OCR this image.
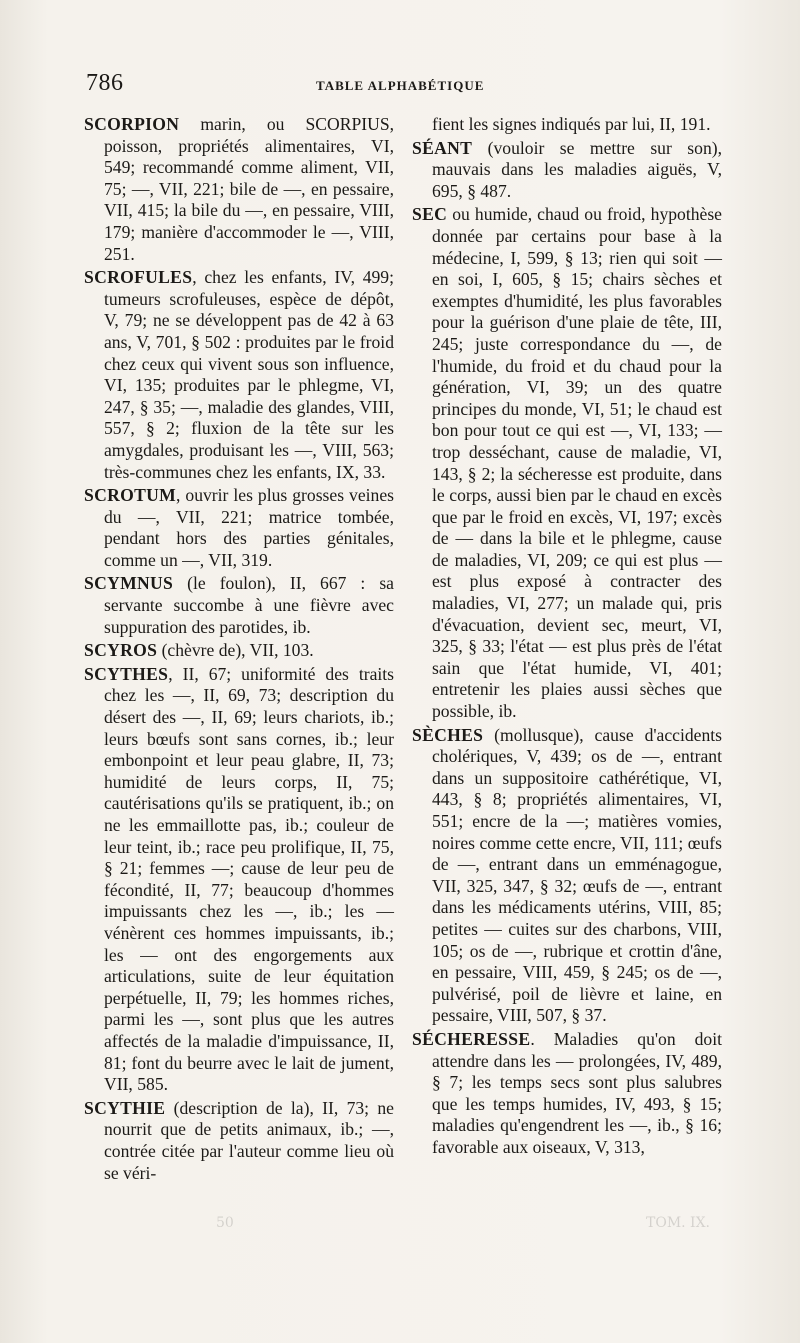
786	TABLE ALPHABÉTIQUE

SCORPION marin, ou SCORPIUS, poisson, propriétés alimentaires, VI, 549; recommandé comme aliment, VII, 75; —, VII, 221; bile de —, en pessaire, VII, 415; la bile du —, en pessaire, VIII, 179; manière d'accommoder le —, VIII, 251.

SCROFULES, chez les enfants, IV, 499; tumeurs scrofuleuses, espèce de dépôt, V, 79; ne se développent pas de 42 à 63 ans, V, 701, § 502 : produites par le froid chez ceux qui vivent sous son influence, VI, 135; produites par le phlegme, VI, 247, § 35; —, maladie des glandes, VIII, 557, § 2; fluxion de la tête sur les amygdales, produisant les —, VIII, 563; très-communes chez les enfants, IX, 33.

SCROTUM, ouvrir les plus grosses veines du —, VII, 221; matrice tombée, pendant hors des parties génitales, comme un —, VII, 319.

SCYMNUS (le foulon), II, 667 : sa servante succombe à une fièvre avec suppuration des parotides, ib.

SCYROS (chèvre de), VII, 103.

SCYTHES, II, 67; uniformité des traits chez les —, II, 69, 73; description du désert des —, II, 69; leurs chariots, ib.; leurs bœufs sont sans cornes, ib.; leur embonpoint et leur peau glabre, II, 73; humidité de leurs corps, II, 75; cautérisations qu'ils se pratiquent, ib.; on ne les emmaillotte pas, ib.; couleur de leur teint, ib.; race peu prolifique, II, 75, § 21; femmes —; cause de leur peu de fécondité, II, 77; beaucoup d'hommes impuissants chez les —, ib.; les — vénèrent ces hommes impuissants, ib.; les — ont des engorgements aux articulations, suite de leur équitation perpétuelle, II, 79; les hommes riches, parmi les —, sont plus que les autres affectés de la maladie d'impuissance, II, 81; font du beurre avec le lait de jument, VII, 585.

SCYTHIE (description de la), II, 73; ne nourrit que de petits animaux, ib.; —, contrée citée par l'auteur comme lieu où se véri-

fient les signes indiqués par lui, II, 191.

SÉANT (vouloir se mettre sur son), mauvais dans les maladies aiguës, V, 695, § 487.

SEC ou humide, chaud ou froid, hypothèse donnée par certains pour base à la médecine, I, 599, § 13; rien qui soit — en soi, I, 605, § 15; chairs sèches et exemptes d'humidité, les plus favorables pour la guérison d'une plaie de tête, III, 245; juste correspondance du —, de l'humide, du froid et du chaud pour la génération, VI, 39; un des quatre principes du monde, VI, 51; le chaud est bon pour tout ce qui est —, VI, 133; — trop desséchant, cause de maladie, VI, 143, § 2; la sécheresse est produite, dans le corps, aussi bien par le chaud en excès que par le froid en excès, VI, 197; excès de — dans la bile et le phlegme, cause de maladies, VI, 209; ce qui est plus — est plus exposé à contracter des maladies, VI, 277; un malade qui, pris d'évacuation, devient sec, meurt, VI, 325, § 33; l'état — est plus près de l'état sain que l'état humide, VI, 401; entretenir les plaies aussi sèches que possible, ib.

SÈCHES (mollusque), cause d'accidents cholériques, V, 439; os de —, entrant dans un suppositoire cathérétique, VI, 443, § 8; propriétés alimentaires, VI, 551; encre de la —; matières vomies, noires comme cette encre, VII, 111; œufs de —, entrant dans un emménagogue, VII, 325, 347, § 32; œufs de —, entrant dans les médicaments utérins, VIII, 85; petites — cuites sur des charbons, VIII, 105; os de —, rubrique et crottin d'âne, en pessaire, VIII, 459, § 245; os de —, pulvérisé, poil de lièvre et laine, en pessaire, VIII, 507, § 37.

SÉCHERESSE. Maladies qu'on doit attendre dans les — prolongées, IV, 489, § 7; les temps secs sont plus salubres que les temps humides, IV, 493, § 15; maladies qu'engendrent les —, ib., § 16; favorable aux oiseaux, V, 313,

50	TOM. IX.
